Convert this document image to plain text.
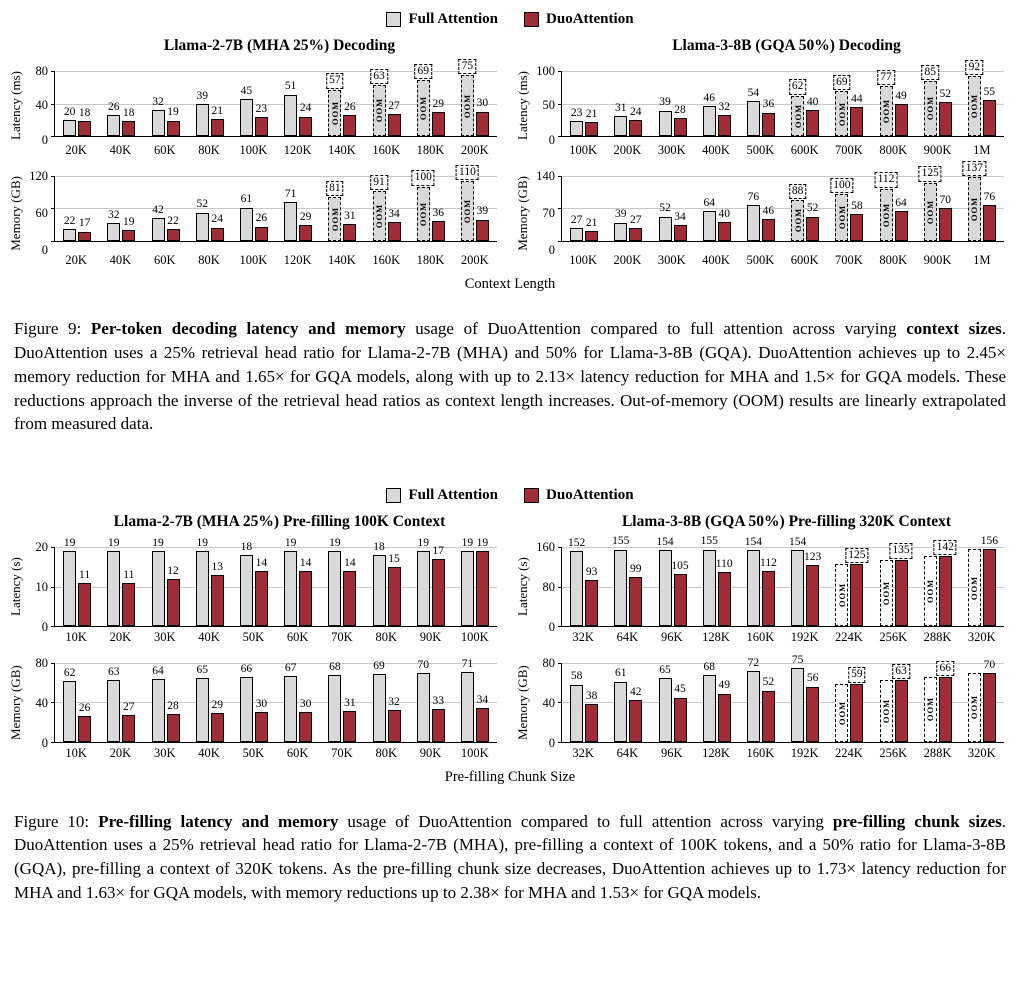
Full Attention	DuoAttention
Llama-2-7B (MHA 25%) Decoding
Latency (ms) 0
40
80
20 18
26
18
32
19
39
21
45
23
51
24 OOM
57
26 OOM
63
27 OOM
69
29 OOM
75
30
20K	40K	60K	80K	100K	120K	140K	160K	180K	200K
Memory (GB) 0
60
120
22 17
32
19
42
22
52
24
61
26
71
29 OOM
81
31 OOM
91
34 OOM
100
36 OOM
110
39
20K	40K	60K	80K	100K	120K	140K	160K	180K	200K
Llama-3-8B (GQA 50%) Decoding
Latency (ms) 0
50
100
23 21
31 24
39
28
46
32
54
36 OOM
62
40 OOM
69
44 OOM
77
49
OOM
85
52 OOM
92
55
100K	200K	300K	400K	500K	600K	700K	800K	900K	1M
Memory (GB) 0
70
140
27 21
39 27
52
34
64
40
76
46 OOM
88
52 OOM
100
58 OOM
112
64 OOM
125
70 OOM
137
76
100K	200K	300K	400K	500K	600K	700K	800K	900K	1M
Context Length

Figure 9: Per-token decoding latency and memory usage of DuoAttention compared to full attention across varying context sizes. DuoAttention uses a 25% retrieval head ratio for Llama-2-7B (MHA) and 50% for Llama-3-8B (GQA). DuoAttention achieves up to 2.45× memory reduction for MHA and 1.65× for GQA models, along with up to 2.13× latency reduction for MHA and 1.5× for GQA models. These reductions approach the inverse of the retrieval head ratios as context length increases. Out-of-memory (OOM) results are linearly extrapolated from measured data.

Full Attention	DuoAttention
Llama-2-7B (MHA 25%) Pre-filling 100K Context
Latency (s)
0
10
20 19
11
19
11
19
12
19
13
18
14
19
14
19
14
18
15
19
17
19 19
10K	20K	30K	40K	50K	60K	70K	80K	90K	100K
Memory (GB)
0
40
80
62
26
63
27
64
28
65
29
66
30
67
30
68
31
69
32
70
33
71
34
10K	20K	30K	40K	50K	60K	70K	80K	90K	100K
Llama-3-8B (GQA 50%) Pre-filling 320K Context
Latency (s)
0
80
160 152
93
155
99
154
105
155
110
154
112
154
123
OOM
125
OOM
135
OOM
142
OOM
156
32K	64K	96K	128K	160K	192K	224K	256K	288K	320K
Memory (GB)
0
40
80
58
38
61
42
65
45
68
49
72
52
75
56
OOM
59
OOM
63
OOM
66
OOM
70
32K	64K	96K	128K	160K	192K	224K	256K	288K	320K
Pre-filling Chunk Size

Figure 10: Pre-filling latency and memory usage of DuoAttention compared to full attention across varying pre-filling chunk sizes. DuoAttention uses a 25% retrieval head ratio for Llama-2-7B (MHA), pre-filling a context of 100K tokens, and a 50% ratio for Llama-3-8B (GQA), pre-filling a context of 320K tokens. As the pre-filling chunk size decreases, DuoAttention achieves up to 1.73× latency reduction for MHA and 1.63× for GQA models, with memory reductions up to 2.38× for MHA and 1.53× for GQA models.
